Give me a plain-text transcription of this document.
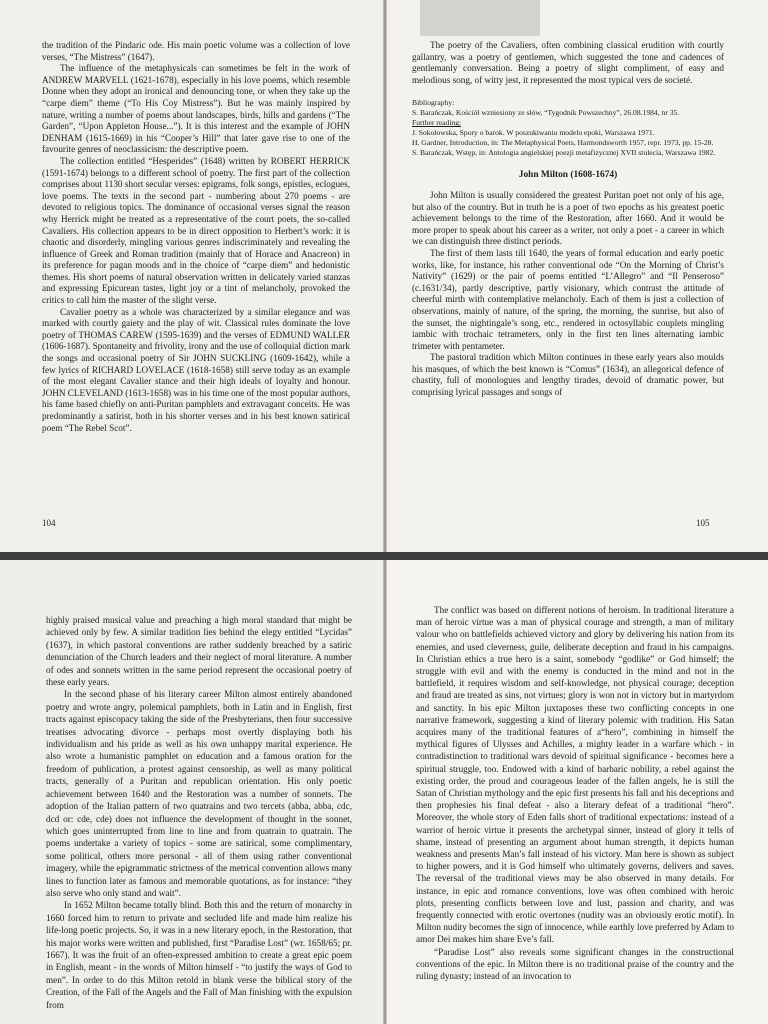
the tradition of the Pindaric ode. His main poetic volume was a collection of love verses, “The Mistress” (1647).

The influence of the metaphysicals can sometimes be felt in the work of ANDREW MARVELL (1621-1678), especially in his love poems, which resemble Donne when they adopt an ironical and denouncing tone, or when they take up the “carpe diem” theme (“To His Coy Mistress”). But he was mainly inspired by nature, writing a number of poems about landscapes, birds, hills and gardens (“The Garden”, “Upon Appleton House...”). It is this interest and the example of JOHN DENHAM (1615-1669) in his “Cooper’s Hill” that later gave rise to one of the favourite genres of neoclassicism: the descriptive poem.

The collection entitled “Hesperides” (1648) written by ROBERT HERRICK (1591-1674) belongs to a different school of poetry. The first part of the collection comprises about 1130 short secular verses: epigrams, folk songs, epistles, eclogues, love poems. The texts in the second part - numbering about 270 poems - are devoted to religious topics. The dominance of occasional verses signal the reason why Herrick might be treated as a representative of the court poets, the so-called Cavaliers. His collection appears to be in direct opposition to Herbert’s work: it is chaotic and disorderly, mingling various genres indiscriminately and revealing the influence of Greek and Roman tradition (mainly that of Horace and Anacreon) in its preference for pagan moods and in the choice of “carpe diem” and hedonistic themes. His short poems of natural observation written in delicately varied stanzas and expressing Epicurean tastes, light joy or a tint of melancholy, provoked the critics to call him the master of the slight verse.

Cavalier poetry as a whole was characterized by a similar elegance and was marked with courtly gaiety and the play of wit. Classical rules dominate the love poetry of THOMAS CAREW (1595-1639) and the verses of EDMUND WALLER (1606-1687). Spontaneity and frivolity, irony and the use of colloquial diction mark the songs and occasional poetry of Sir JOHN SUCKLING (1609-1642), while a few lyrics of RICHARD LOVELACE (1618-1658) still serve today as an example of the most elegant Cavalier stance and their high ideals of loyalty and honour. JOHN CLEVELAND (1613-1658) was in his time one of the most popular authors, his fame based chiefly on anti-Puritan pamphlets and extravagant conceits. He was predominantly a satirist, both in his shorter verses and in his best known satirical poem “The Rebel Scot”.

104

The poetry of the Cavaliers, often combining classical erudition with courtly gallantry, was a poetry of gentlemen, which suggested the tone and cadences of gentlemanly conversation. Being a poetry of slight compliment, of easy and melodious song, of witty jest, it represented the most typical vers de societé.

Bibliography:
S. Barańczak, Kościół wzniesiony ze słów, “Tygodnik Powszechny”, 26.08.1984, nr 35.
Further reading:
J. Sokołowska, Spory o barok. W poszukiwaniu modelu epoki, Warszawa 1971.
H. Gardner, Introduction, in: The Metaphysical Poets, Harmondsworth 1957, repr. 1973, pp. 15-28.
S. Barańczak, Wstęp, in: Antologia angielskiej poezji metafizycznej XVII stulecia, Warszawa 1982.
John Milton (1608-1674)

John Milton is usually considered the greatest Puritan poet not only of his age, but also of the country. But in truth he is a poet of two epochs as his greatest poetic achievement belongs to the time of the Restoration, after 1660. And it would be more proper to speak about his career as a writer, not only a poet - a career in which we can distinguish three distinct periods.

The first of them lasts till 1640, the years of formal education and early poetic works, like, for instance, his rather conventional ode “On the Morning of Christ’s Nativity” (1629) or the pair of poems entitled “L’Allegro” and “Il Penseroso” (c.1631/34), partly descriptive, partly visionary, which contrast the attitude of cheerful mirth with contemplative melancholy. Each of them is just a collection of observations, mainly of nature, of the spring, the morning, the sunrise, but also of the sunset, the nightingale’s song, etc., rendered in octosyllabic couplets mingling iambic with trochaic tetrameters, only in the first ten lines alternating iambic trimeter with pentameter.

The pastoral tradition which Milton continues in these early years also moulds his masques, of which the best known is “Comus” (1634), an allegorical defence of chastity, full of monologues and lengthy tirades, devoid of dramatic power, but comprising lyrical passages and songs of

105

highly praised musical value and preaching a high moral standard that might be achieved only by few. A similar tradition lies behind the elegy entitled “Lycidas” (1637), in which pastoral conventions are rather suddenly breached by a satiric denunciation of the Church leaders and their neglect of moral literature. A number of odes and sonnets written in the same period represent the occasional poetry of these early years.

In the second phase of his literary career Milton almost entirely abandoned poetry and wrote angry, polemical pamphlets, both in Latin and in English, first tracts against episcopacy taking the side of the Presbyterians, then four successive treatises advocating divorce - perhaps most overtly displaying both his individualism and his pride as well as his own unhappy marital experience. He also wrote a humanistic pamphlet on education and a famous oration for the freedom of publication, a protest against censorship, as well as many political tracts, generally of a Puritan and republican orientation. His only poetic achievement between 1640 and the Restoration was a number of sonnets. The adoption of the Italian pattern of two quatrains and two tercets (abba, abba, cdc, dcd or: cde, cde) does not influence the development of thought in the sonnet, which goes uninterrupted from line to line and from quatrain to quatrain. The poems undertake a variety of topics - some are satirical, some complimentary, some political, others more personal - all of them using rather conventional imagery, while the epigrammatic strictness of the metrical convention allows many lines to function later as famous and memorable quotations, as for instance: “they also serve who only stand and wait”.

In 1652 Milton became totally blind. Both this and the return of monarchy in 1660 forced him to return to private and secluded life and made him realize his life-long poetic projects. So, it was in a new literary epoch, in the Restoration, that his major works were written and published, first “Paradise Lost” (wr. 1658/65; pr. 1667). It was the fruit of an often-expressed ambition to create a great epic poem in English, meant - in the words of Milton himself - “to justify the ways of God to men”. In order to do this Milton retold in blank verse the biblical story of the Creation, of the Fall of the Angels and the Fall of Man finishing with the expulsion from

The conflict was based on different notions of heroism. In traditional literature a man of heroic virtue was a man of physical courage and strength, a man of military valour who on battlefields achieved victory and glory by delivering his nation from its enemies, and used cleverness, guile, deliberate deception and fraud in his campaigns. In Christian ethics a true hero is a saint, somebody “godlike” or God himself; the struggle with evil and with the enemy is conducted in the mind and not in the battlefield, it requires wisdom and self-knowledge, not physical courage; deception and fraud are treated as sins, not virtues; glory is won not in victory but in martyrdom and sanctity. In his epic Milton juxtaposes these two conflicting concepts in one narrative framework, suggesting a kind of literary polemic with tradition. His Satan acquires many of the traditional features of a“hero”, combining in himself the mythical figures of Ulysses and Achilles, a mighty leader in a warfare which - in contradistinction to traditional wars devoid of spiritual significance - becomes here a spiritual struggle, too. Endowed with a kind of barbaric nobility, a rebel against the existing order, the proud and courageous leader of the fallen angels, he is still the Satan of Christian mythology and the epic first presents his fall and his deceptions and then prophesies his final defeat - also a literary defeat of a traditional “hero”. Moreover, the whole story of Eden falls short of traditional expectations: instead of a warrior of heroic virtue it presents the archetypal sinner, instead of glory it tells of shame, instead of presenting an argument about human strength, it depicts human weakness and presents Man’s fall instead of his victory. Man here is shown as subject to higher powers, and it is God himself who ultimately governs, delivers and saves. The reversal of the traditional views may be also observed in many details. For instance, in epic and romance conventions, love was often combined with heroic plots, presenting conflicts between love and lust, passion and charity, and was frequently connected with erotic overtones (nudity was an obviously erotic motif). In Milton nudity becomes the sign of innocence, while earthly love preferred by Adam to amor Dei makes him share Eve’s fall.

“Paradise Lost” also reveals some significant changes in the constructional conventions of the epic. In Milton there is no traditional praise of the country and the ruling dynasty; instead of an invocation to
